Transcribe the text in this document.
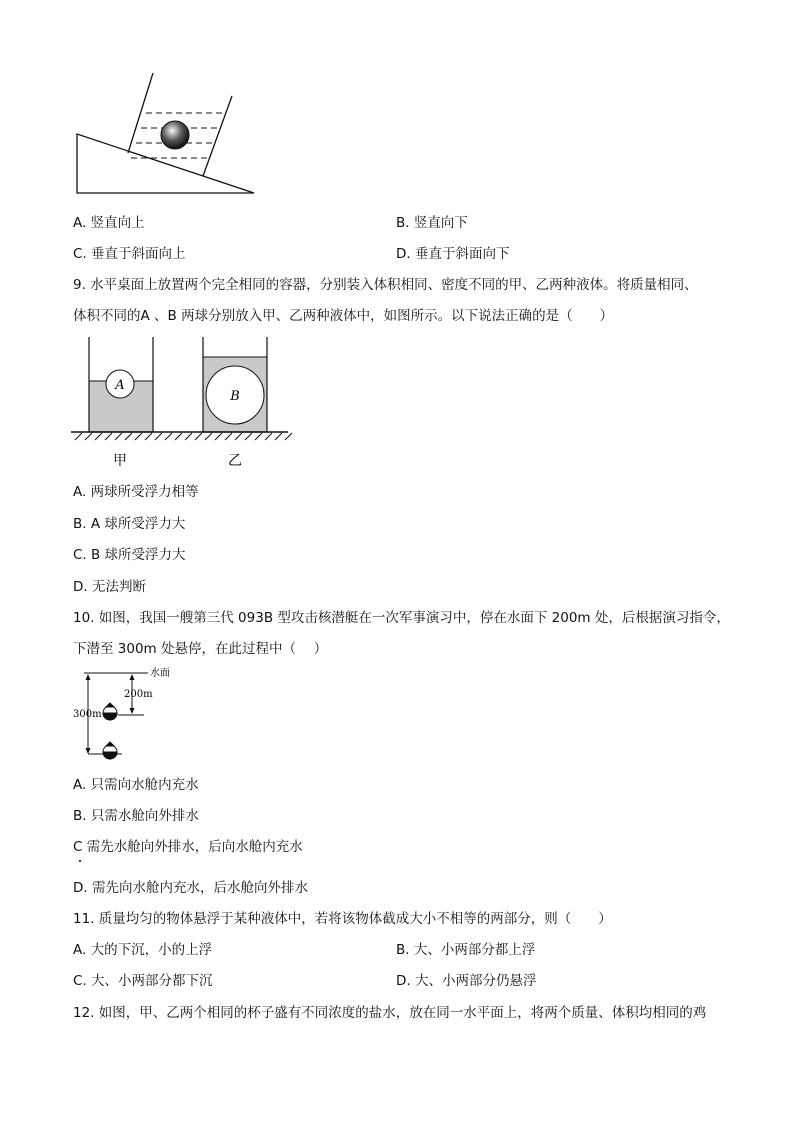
A. 竖直向上	B. 竖直向下
C. 垂直于斜面向上	D. 垂直于斜面向下
9. 水平桌面上放置两个完全相同的容器，分别装入体积相同、密度不同的甲、乙两种液体。将质量相同、
体积不同的A 、B 两球分别放入甲、乙两种液体中，如图所示。以下说法正确的是（　　）
A
B
甲	乙
A. 两球所受浮力相等
B. A 球所受浮力大
C. B 球所受浮力大
D. 无法判断
10. 如图，我国一艘第三代 093B 型攻击核潜艇在一次军事演习中，停在水面下 200m 处，后根据演习指令，
下潜至 300m 处悬停，在此过程中（　 ）
水面
200m
300m
A. 只需向水舱内充水
B. 只需水舱向外排水
C 需先水舱向外排水，后向水舱内充水
D. 需先向水舱内充水，后水舱向外排水
11. 质量均匀的物体悬浮于某种液体中，若将该物体截成大小不相等的两部分，则（　　）
A. 大的下沉，小的上浮	B. 大、小两部分都上浮
C. 大、小两部分都下沉	D. 大、小两部分仍悬浮
12. 如图，甲、乙两个相同的杯子盛有不同浓度的盐水，放在同一水平面上，将两个质量、体积均相同的鸡
